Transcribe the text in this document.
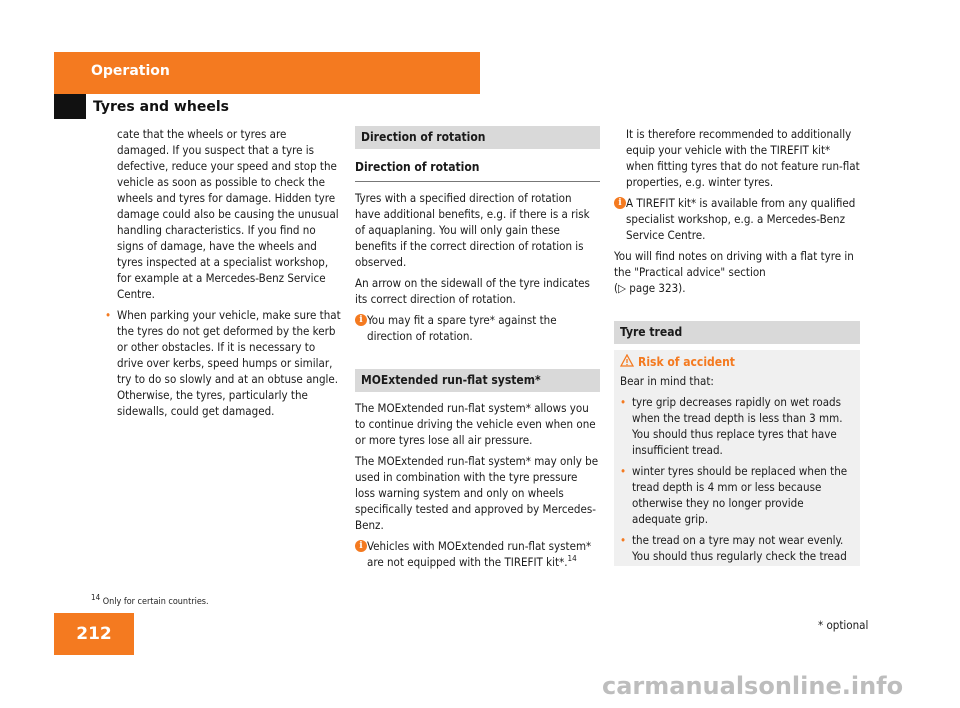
Operation
Tyres and wheels

cate that the wheels or tyres are damaged. If you suspect that a tyre is defective, reduce your speed and stop the vehicle as soon as possible to check the wheels and tyres for damage. Hidden tyre damage could also be causing the unusual handling characteristics. If you find no signs of damage, have the wheels and tyres inspected at a specialist workshop, for example at a Mercedes-Benz Service Centre.

• When parking your vehicle, make sure that the tyres do not get deformed by the kerb or other obstacles. If it is necessary to drive over kerbs, speed humps or similar, try to do so slowly and at an obtuse angle. Otherwise, the tyres, particularly the sidewalls, could get damaged.
Direction of rotation
Direction of rotation

Tyres with a specified direction of rotation have additional benefits, e.g. if there is a risk of aquaplaning. You will only gain these benefits if the correct direction of rotation is observed.

An arrow on the sidewall of the tyre indicates its correct direction of rotation.

i You may fit a spare tyre* against the direction of rotation.
MOExtended run-flat system*

The MOExtended run-flat system* allows you to continue driving the vehicle even when one or more tyres lose all air pressure.

The MOExtended run-flat system* may only be used in combination with the tyre pressure loss warning system and only on wheels specifically tested and approved by Mercedes-Benz.

i Vehicles with MOExtended run-flat system* are not equipped with the TIREFIT kit*.$^{14}$

It is therefore recommended to additionally equip your vehicle with the TIREFIT kit* when fitting tyres that do not feature run-flat properties, e.g. winter tyres.

i A TIREFIT kit* is available from any qualified specialist workshop, e.g. a Mercedes-Benz Service Centre.

You will find notes on driving with a flat tyre in the "Practical advice" section

(▷ page 323).

Tyre tread
Risk of accident

Bear in mind that:

• tyre grip decreases rapidly on wet roads when the tread depth is less than 3 mm. You should thus replace tyres that have insufficient tread.
• winter tyres should be replaced when the tread depth is 4 mm or less because otherwise they no longer provide adequate grip.
• the tread on a tyre may not wear evenly. You should thus regularly check the tread
14 Only for certain countries.
212	* optional
carmanualsonline.info
